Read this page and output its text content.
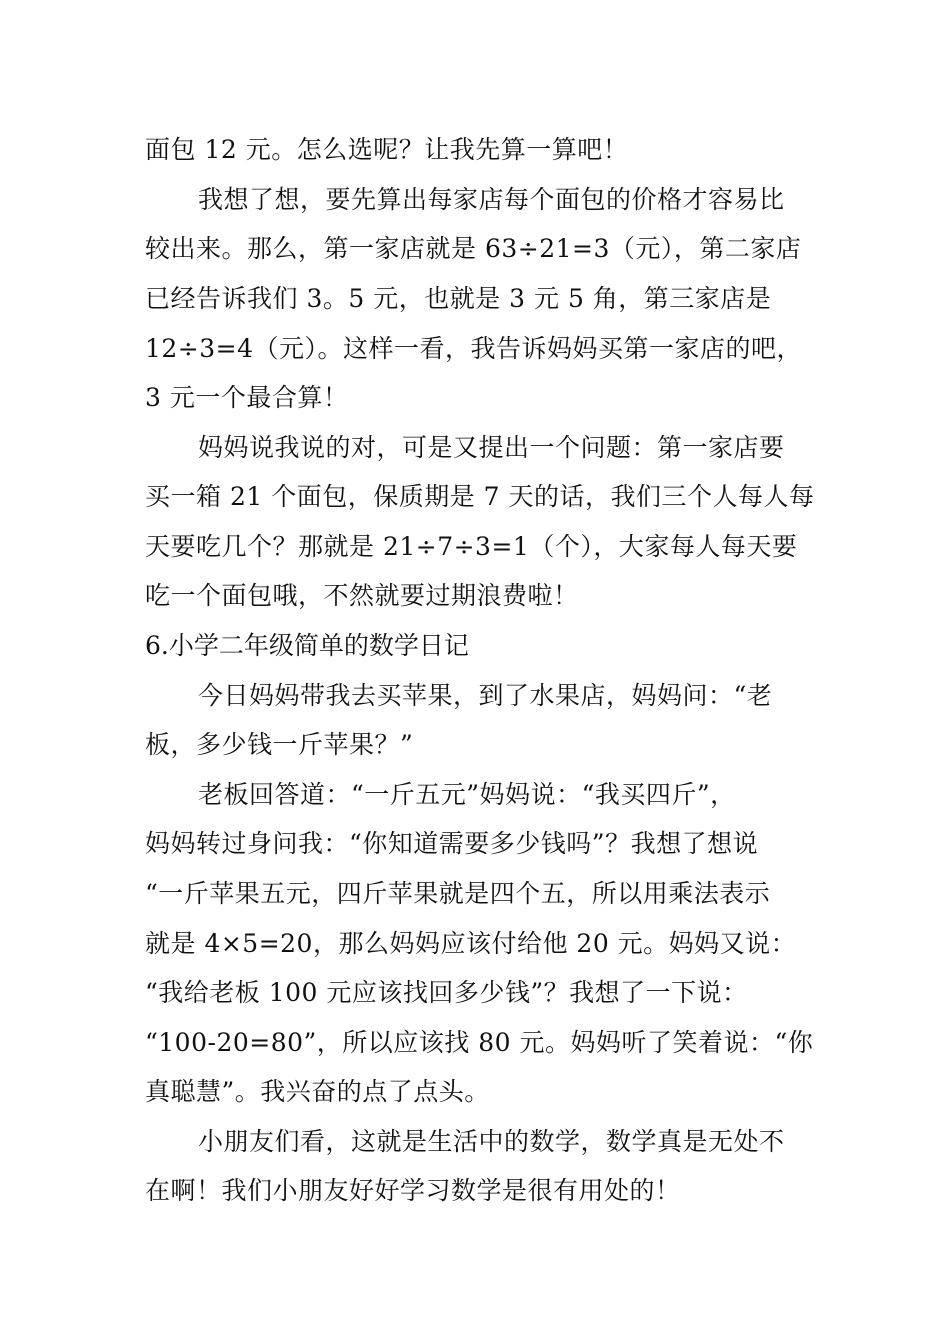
面包 12 元。怎么选呢？让我先算一算吧！
我想了想，要先算出每家店每个面包的价格才容易比
较出来。那么，第一家店就是 63÷21=3（元），第二家店
已经告诉我们 3。5 元，也就是 3 元 5 角，第三家店是
12÷3=4（元）。这样一看，我告诉妈妈买第一家店的吧，
3 元一个最合算！
妈妈说我说的对，可是又提出一个问题：第一家店要
买一箱 21 个面包，保质期是 7 天的话，我们三个人每人每
天要吃几个？那就是 21÷7÷3=1（个），大家每人每天要
吃一个面包哦，不然就要过期浪费啦！
6.小学二年级简单的数学日记
今日妈妈带我去买苹果，到了水果店，妈妈问：“老
板，多少钱一斤苹果？”
老板回答道：“一斤五元”妈妈说：“我买四斤”，
妈妈转过身问我：“你知道需要多少钱吗”？我想了想说
“一斤苹果五元，四斤苹果就是四个五，所以用乘法表示
就是 4×5=20，那么妈妈应该付给他 20 元。妈妈又说：
“我给老板 100 元应该找回多少钱”？我想了一下说：
“100-20=80”，所以应该找 80 元。妈妈听了笑着说：“你
真聪慧”。我兴奋的点了点头。
小朋友们看，这就是生活中的数学，数学真是无处不
在啊！我们小朋友好好学习数学是很有用处的！
